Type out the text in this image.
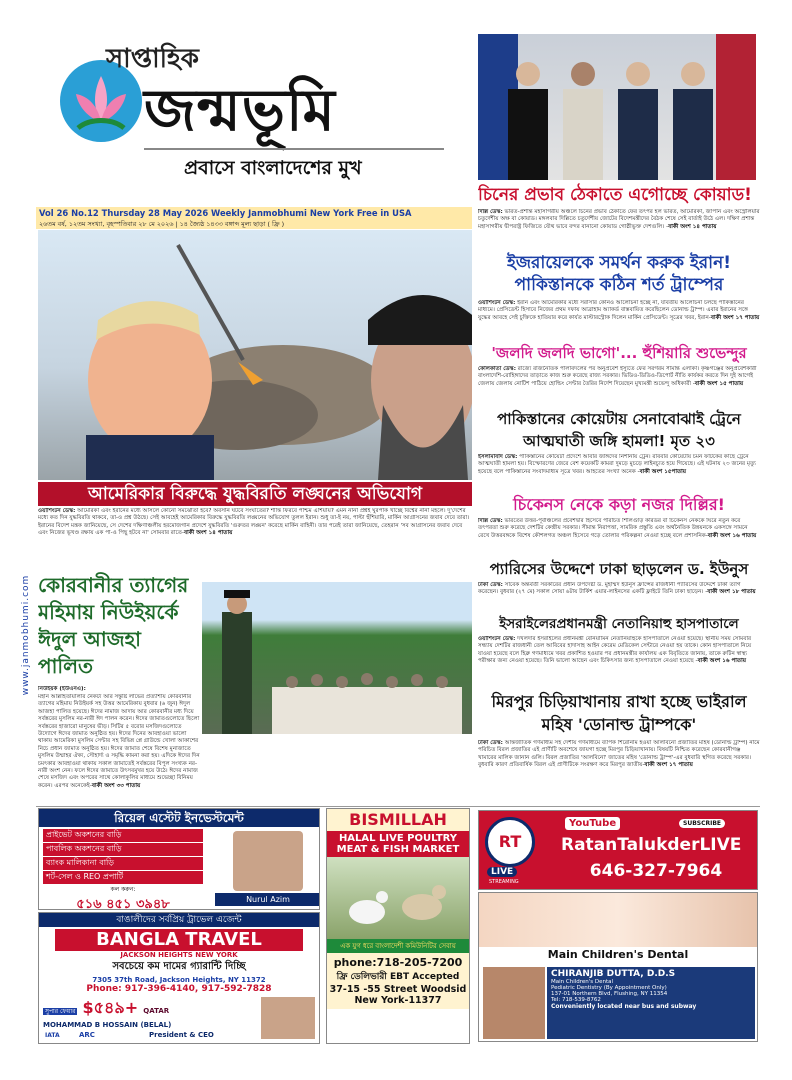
সাপ্তাহিক
জন্মভূমি
প্রবাসে বাংলাদেশের মুখ
Vol 26 No.12 Thursday 28 May 2026 Weekly Janmobhumi New York Free in USA
২৬তম বর্ষ, ১২তম সংখ্যা, বৃহস্পতিবার ২৮ মে ২০২৬ | ১৪ জ্যৈষ্ঠ ১৪৩৩ বঙ্গাব্দ মূল্য ছাড়া ( ফ্রি )
www.janmobhumi.com
আমেরিকার বিরুদ্ধে যুদ্ধবিরতি লঙ্ঘনের অভিযোগ

ওয়াশিংটন ডেস্ক: আমেরিকা এবং ইরানের মধ্যে আসলে কোনো সমঝোতা হবে? অবসান ঘটবে সংঘাতের? শান্তি ফিরবে পশ্চিম এশিয়ায়? এমন নানা প্রশ্নই ঘুরপাক খাচ্ছে বিশ্বের নানা মহলে। দু'দেশের মধ্যে কত দিন যুদ্ধবিরতি থাকবে, তা-ও প্রশ্ন উঠছে। সেই আবহেই আমেরিকার বিরুদ্ধে যুদ্ধবিরতি লঙ্ঘনের অভিযোগ তুলল ইরান। শুধু তা-ই নয়, পাল্টা হুঁশিয়ারি, মার্কিন আগ্রাসনের জবাব দেবে তারা। ইরানের বিদেশ মন্ত্রক জানিয়েছে, সে দেশের দক্ষিণাঞ্চলীয় হরমোজগান প্রদেশে যুদ্ধবিরতি 'গুরুতর লঙ্ঘন' করেছে মার্কিন বাহিনী। তার পরেই তারা জানিয়েছে, তেহরান 'সব আগ্রাসনের জবাব দেবে এবং নিজের ভূখণ্ড রক্ষায় এক পা-ও পিছু হটবে না' সোমবার রাতে-বাকী অংশ ১৪ পাতায়

কোরবানীর ত্যাগের মহিমায় নিউইয়র্কে ঈদুল আজহা পালিত

নিউইয়র্ক (ইউএনএ):

মহান আল্লাহতায়ালার নৈকট্য আর সন্তুষ্টি লাভের প্রত্যাশায় কোরবানীর ত্যাগের মহিমায় নিউইয়র্ক সহ উত্তর আমেরিকায় বুধবার (৬ জুন) ঈদুল আজহা পালিত হয়েছে। ঈদের নামাজ আদায় আর কোরবানীর মধ্য দিয়ে সর্বস্তরের মুসলিম নর-নারী ঈদ পালন করেন। ঈদের জামাতগুলোতে ছিলো সর্বস্তরের হাজারো মানুষের ভীড়। সিটির ৫ বরোর মসজিদগুলোতে উদ্যোগে ঈদের জামাত অনুষ্ঠিত হয়। ঈদের দিনের আবহাওয়া ভালো থাকায় আমেরিকা মুসলিম সেন্টার সহ বিভিন্ন প্লে গ্রাউন্ডে খোলা আকাশের নিচে প্রধান জামাত অনুষ্ঠিত হয়। ঈদের জামাত শেষে বিশেষ মুনাজাতে মুসলিম উম্মাহর ঐক্য, সৌহার্দ্য ও সমৃদ্ধি কামনা করা হয়। এদিকে ঈদের দিন চমৎকার আবহাওয়া থাকায় সকাল জামাতেই সর্বস্তরের বিপুল সংখ্যক নর-নারী অংশ নেন। ফলে ঈদের জামাতে উৎসবমুখর হয়ে উঠে। ঈদের নামাজ শেষে মসজিদ এবং অপরের সাথে কোলাকুলির মাধ্যমে শুভেচ্ছা বিনিময় করেন। এরপর অনেকেই-বাকী অংশ ৩৩ পাতায়

চিনের প্রভাব ঠেকাতে এগোচ্ছে কোয়াড!

দিল্লি ডেস্ক: ভারত-প্রশান্ত মহাসাগরীয় অঞ্চলে চিনের প্রভাব ঠেকাতে ফের তৎপর হল ভারত, আমেরিকা, জাপান এবং অস্ট্রেলিয়ার চতুর্দেশীয় অক্ষ বা কোয়াড। মঙ্গলবার দিল্লিতে চতুর্দেশীয় জোটের বিদেশমন্ত্রীদের বৈঠক শেষে সেই বার্তাই উঠে এল। দক্ষিণ প্রশান্ত মহাসাগরীয় দ্বীপরাষ্ট্র ফিজিতে যৌথ ভাবে বন্দর বানানো কোয়াড গোষ্ঠীভুক্ত দেশগুলি। -বাকী অংশ ১৪ পাতায়

ইজরায়েলকে সমর্থন করুক ইরান! পাকিস্তানকে কঠিন শর্ত ট্রাম্পের

ওয়াশিংটন ডেস্ক: ইরান এবং আমেরিকার মধ্যে সরাসরি কোনও আলোচনা হচ্ছে না, যাবতীয় আলোচনা চলছে পাকিস্তানের মাধ্যমে। প্রেসিডেন্ট হিসাবে নিজের প্রথম দফায় আব্রাহাম অ্যাকর্ড বাস্তবায়িত করেছিলেন ডোনাল্ড ট্রাম্প। এবার ইরানের সঙ্গে যুদ্ধের আবহে সেই চুক্তিকে হাতিয়ার করে কার্যত মাস্টারস্ট্রোক দিলেন মার্কিন প্রেসিডেন্ট। সূত্রের খবর, ইরান-বাকী অংশ ১৭ পাতায়

'জলদি জলদি ভাগো'... হুঁশিয়ারি শুভেন্দুর

কোলকাতা ডেস্ক: রাজ্যে রাজনৈতিক পালাবদলের পর অনুপ্রবেশ ইস্যুতে ফের সরগরম সীমান্ত এলাকা। কৃষ্ণগঞ্জের অনুপ্রবেশকারী বাংলাদেশি-রোহিঙ্গাদের তাড়াতে কাজ শুরু করেছে রাজ্য সরকার। ভিডিও-ডিডিও-ডিপোর্ট নীতি কার্যকর করতে দিন দুই আগেই জেলায় জেলায় নোটিশ পাঠিয়ে হোল্ডিং সেন্টার তৈরির নির্দেশ দিয়েছেন মুখ্যমন্ত্রী শুভেন্দু অধিকারী -বাকী অংশ ১৫ পাতায়

পাকিস্তানের কোয়েটায় সেনাবোঝাই ট্রেনে আত্মঘাতী জঙ্গি হামলা! মৃত ২৩

ইসলামাবাদ ডেস্ক: পাকিস্তানের কোয়েটা প্রদেশে আবার জঙ্গিদের নিশানায় ট্রেন। রবিবার কোয়েটায় চমন ফাটকের কাছে ট্রেনে আত্মঘাতী হামলা হয়। বিস্ফোরণের জেরে বেশ কয়েকটি কামরা দুমড়ে মুচড়ে লাইনচ্যুত হয়ে গিয়েছে। এই ঘটনায় ২৩ জনের মৃত্যু হয়েছে বলে পাকিস্তানের সংবাদমাধ্যম সূত্রে খবর। আহতের সংখ্যা অনেক -বাকী অংশ ১৫পাতায়

চিকেনস নেকে কড়া নজর দিল্লির!

দিল্লি ডেস্ক: ভারতের উত্তর-পূর্বাঞ্চলের প্রবেশদ্বার হিসেবে পরিচিত শিলিগুড়ি করিডর বা চিকেনস নেককে ঘিরে নতুন করে তৎপরতা শুরু করেছে দেশটির কেন্দ্রীয় সরকার। সীমান্ত নিরাপত্তা, সামরিক প্রস্তুতি এবং অর্থনৈতিক উন্নয়নকে একসঙ্গে সামনে রেখে উত্তরবঙ্গকে বিশেষ কৌশলগত অঞ্চল হিসেবে গড়ে তোলার পরিকল্পনা নেওয়া হচ্ছে বলে প্রশাসনিক-বাকী অংশ ১৬ পাতায়

প্যারিসের উদ্দেশে ঢাকা ছাড়লেন ড. ইউনুস

ঢাকা ডেস্ক: সাবেক অন্তর্বর্তী সরকারের প্রধান উপদেষ্টা ড. মুহাম্মদ ইউনূস ফ্রান্সের রাজধানী প্যারিসের উদ্দেশে ঢাকা ত্যাগ করেছেন। বুধবার (২৭ মে) সকাল সোয়া ৬টায় টার্কিশ এয়ার-লাইনসের একটি ফ্লাইটে তিনি ঢাকা ছাড়েন। -বাকী অংশ ১৮ পাতায়

ইসরাইলেরপ্রধানমন্ত্রী নেতানিয়াহু হাসপাতালে

ওয়াশিংটন ডেস্ক: দখলদার ইসরাইলের প্রধানমন্ত্রী বেনিয়ামিন নেতানিয়াহুকে হাসপাতালে নেওয়া হয়েছে। স্থানীয় সময় সোমবার সন্ধ্যায় দেশটির রাজধানী তেল আবিবের হাদাসাহ আইন কেরেম মেডিকেল সেন্টারে নেওয়া হয় তাকে। কোন হাসপাতালে নিয়ে যাওয়া হয়েছে বলে হিব্রু গণমাধ্যমে খবর প্রকাশিত হওয়ার পর প্রধানমন্ত্রীর কার্যালয় এক বিবৃতিতে জানায়, তাকে রুটিন স্বাস্থ্য পরীক্ষার জন্য নেওয়া হয়েছে। তিনি ভালো আছেন এবং চিকিৎসার জন্য হাসপাতালে নেওয়া হয়েছে -বাকী অংশ ১৬ পাতায়

মিরপুর চিড়িয়াখানায় রাখা হচ্ছে ভাইরাল মহিষ 'ডোনাল্ড ট্রাম্পকে'

ঢাকা ডেস্ক: আন্তর্জাতিক গণমাধ্যম সহ দেশীয় গণমাধ্যমে ব্যাপক শিরোনাম হওয়া আলবিনো প্রজাতির মহিষ (ডোনাল্ড ট্রাম্প) নামে পরিচিত বিরল প্রজাতির এই প্রাণীটি অবশেষে জায়গা হচ্ছে মিরপুর চিড়িয়াখানায়। বিষয়টি নিশ্চিত করেছেন কোরবানীগঞ্জ খামারের মালিক জানান গুলি। বিরল প্রজাতির 'আলবিনো' জাতের মহিষ 'ডোনাল্ড ট্রাম্প'-এর বুধবারি স্থগিত করেছে সরকার। বুধবারি কারণ প্রতিবার্ষিক বিরল এই প্রাণীটিকে সংরক্ষণ করে মিরপুর জাতীয়-বাকী অংশ ১৭ পাতায়

রিয়েল এস্টেট ইনভেস্টমেন্ট
প্রাইভেট অকশনের বাড়ি
পাবলিক অকশনের বাড়ি
ব্যাংক মালিকানা বাড়ি
শর্ট-সেল ও REO প্রপার্টি
কল করুন:
৫১৬ ৪৫১ ৩৯৪৮	Nurul Azim
বাঙালীদের সর্বপ্রিয় ট্রাভেল এজেন্ট
BANGLA TRAVEL
JACKSON HEIGHTS NEW YORK
সবচেয়ে কম দামের গ্যারান্টি দিচ্ছি
7305 37th Road, Jackson Heights, NY 11372
Phone: 917-396-4140, 917-592-7828
সুপার ফেয়ার $৫৪৯+ QATAR
MOHAMMAD B HOSSAIN (BELAL)
President & CEO
IATA	ARC
BISMILLAH
HALAL LIVE POULTRY
MEAT & FISH MARKET
এক যুগ ধরে বাংলাদেশী কমিউনিটির সেবায়
phone:718-205-7200
ফ্রি ডেলিভারী EBT Accepted
37-15 -55 Street Woodsid
New York-11377
RT
LIVE
STREAMING
YouTube	SUBSCRIBE
RatanTalukderLIVE
646-327-7964
Main Children's Dental
CHIRANJIB DUTTA, D.D.S
Main Children's Dental
Pediatric Dentistry (By Appointment Only)
137-01 Northern Blvd, Flushing, NY 11354
Tel: 718-539-8762
Conveniently located near bus and subway
